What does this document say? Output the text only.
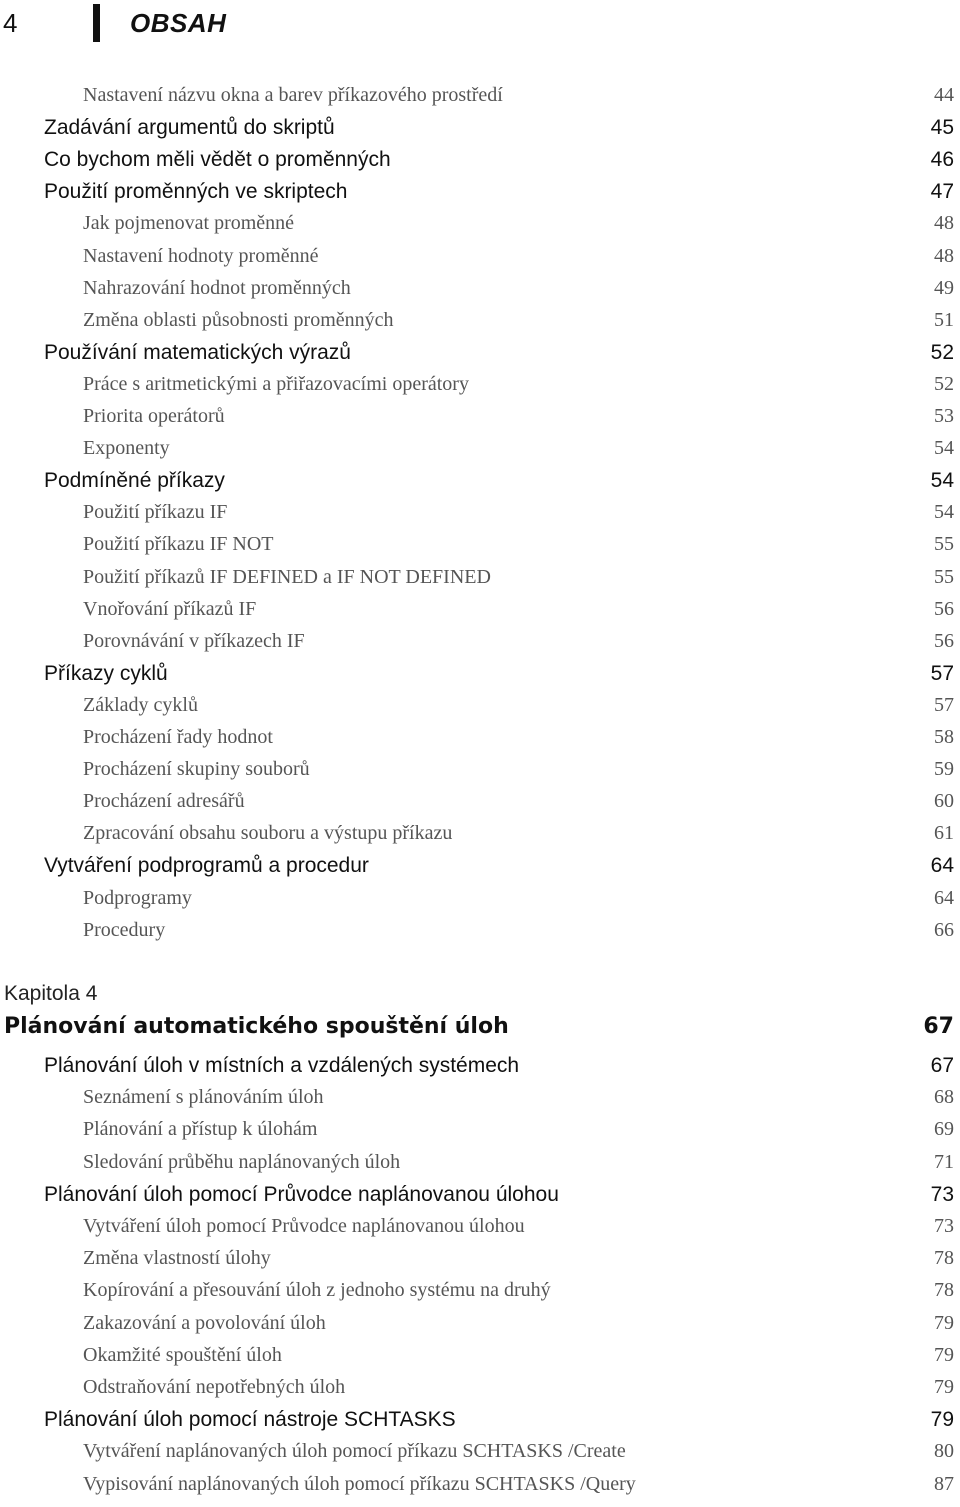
4	OBSAH
Kapitola 4
Plánování automatického spouštění úloh	67
Nastavení názvu okna a barev příkazového prostředí	44
Zadávání argumentů do skriptů	45
Co bychom měli vědět o proměnných	46
Použití proměnných ve skriptech	47
Jak pojmenovat proměnné	48
Nastavení hodnoty proměnné	48
Nahrazování hodnot proměnných	49
Změna oblasti působnosti proměnných	51
Používání matematických výrazů	52
Práce s aritmetickými a přiřazovacími operátory	52
Priorita operátorů	53
Exponenty	54
Podmíněné příkazy	54
Použití příkazu IF	54
Použití příkazu IF NOT	55
Použití příkazů IF DEFINED a IF NOT DEFINED	55
Vnořování příkazů IF	56
Porovnávání v příkazech IF	56
Příkazy cyklů	57
Základy cyklů	57
Procházení řady hodnot	58
Procházení skupiny souborů	59
Procházení adresářů	60
Zpracování obsahu souboru a výstupu příkazu	61
Vytváření podprogramů a procedur	64
Podprogramy	64
Procedury	66
Plánování úloh v místních a vzdálených systémech	67
Seznámení s plánováním úloh	68
Plánování a přístup k úlohám	69
Sledování průběhu naplánovaných úloh	71
Plánování úloh pomocí Průvodce naplánovanou úlohou	73
Vytváření úloh pomocí Průvodce naplánovanou úlohou	73
Změna vlastností úlohy	78
Kopírování a přesouvání úloh z jednoho systému na druhý	78
Zakazování a povolování úloh	79
Okamžité spouštění úloh	79
Odstraňování nepotřebných úloh	79
Plánování úloh pomocí nástroje SCHTASKS	79
Vytváření naplánovaných úloh pomocí příkazu SCHTASKS /Create	80
Vypisování naplánovaných úloh pomocí příkazu SCHTASKS /Query	87
